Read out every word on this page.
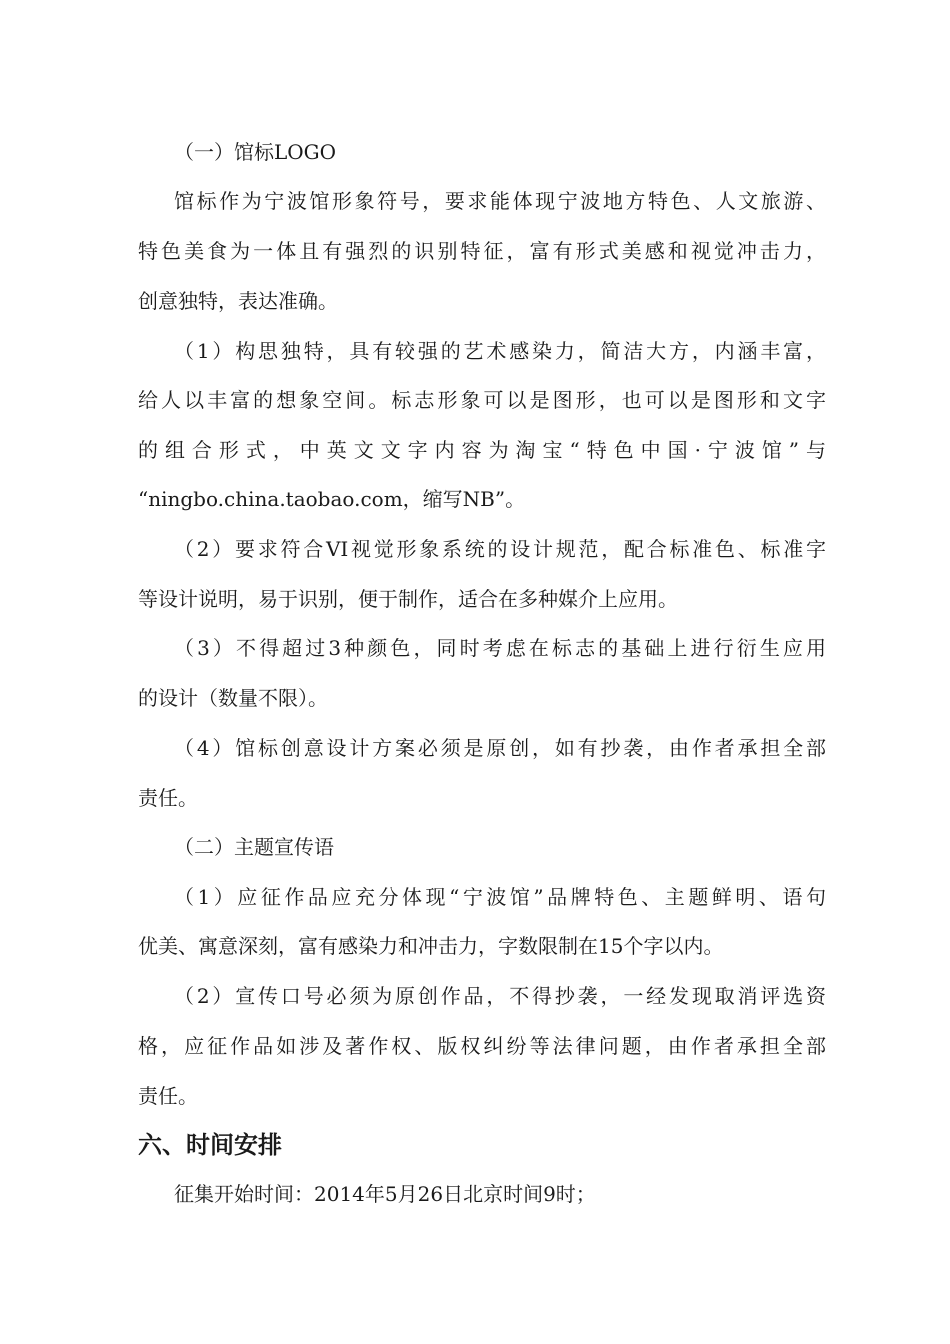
（一）馆标LOGO
馆标作为宁波馆形象符号，要求能体现宁波地方特色、人文旅游、
特色美食为一体且有强烈的识别特征，富有形式美感和视觉冲击力，
创意独特，表达准确。
（1）构思独特，具有较强的艺术感染力，简洁大方，内涵丰富，
给人以丰富的想象空间。标志形象可以是图形，也可以是图形和文字
的组合形式，中英文文字内容为淘宝“特色中国·宁波馆”与
“ningbo.china.taobao.com，缩写NB”。
（2）要求符合VI视觉形象系统的设计规范，配合标准色、标准字
等设计说明，易于识别，便于制作，适合在多种媒介上应用。
（3）不得超过3种颜色，同时考虑在标志的基础上进行衍生应用
的设计（数量不限）。
（4）馆标创意设计方案必须是原创，如有抄袭，由作者承担全部
责任。
（二）主题宣传语
（1）应征作品应充分体现“宁波馆”品牌特色、主题鲜明、语句
优美、寓意深刻，富有感染力和冲击力，字数限制在15个字以内。
（2）宣传口号必须为原创作品，不得抄袭，一经发现取消评选资
格，应征作品如涉及著作权、版权纠纷等法律问题，由作者承担全部
责任。
六、时间安排
征集开始时间：2014年5月26日北京时间9时；
